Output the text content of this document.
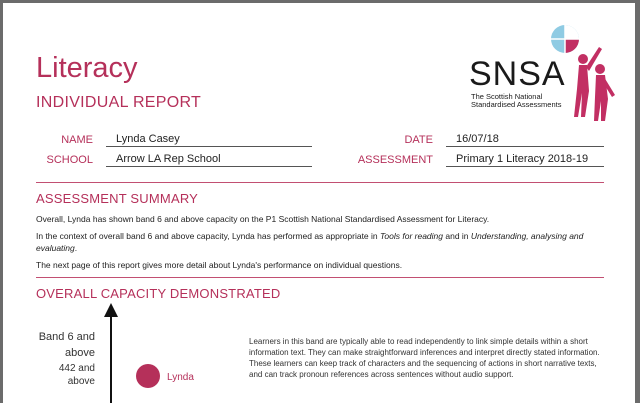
Literacy
INDIVIDUAL REPORT
SNSA
The Scottish National
Standardised Assessments
NAME	Lynda Casey
SCHOOL	Arrow LA Rep School
DATE	16/07/18
ASSESSMENT	Primary 1 Literacy 2018-19
ASSESSMENT SUMMARY
Overall, Lynda has shown band 6 and above capacity on the P1 Scottish National Standardised Assessment for Literacy.
In the context of overall band 6 and above capacity, Lynda has performed as appropriate in Tools for reading and in Understanding, analysing and evaluating.
The next page of this report gives more detail about Lynda's performance on individual questions.
OVERALL CAPACITY DEMONSTRATED
Band 6 and
above
442 and
above	Lynda
Learners in this band are typically able to read independently to link simple details within a short information text. They can make straightforward inferences and interpret directly stated information. These learners can keep track of characters and the sequencing of actions in short narrative texts, and can track pronoun references across sentences without audio support.
